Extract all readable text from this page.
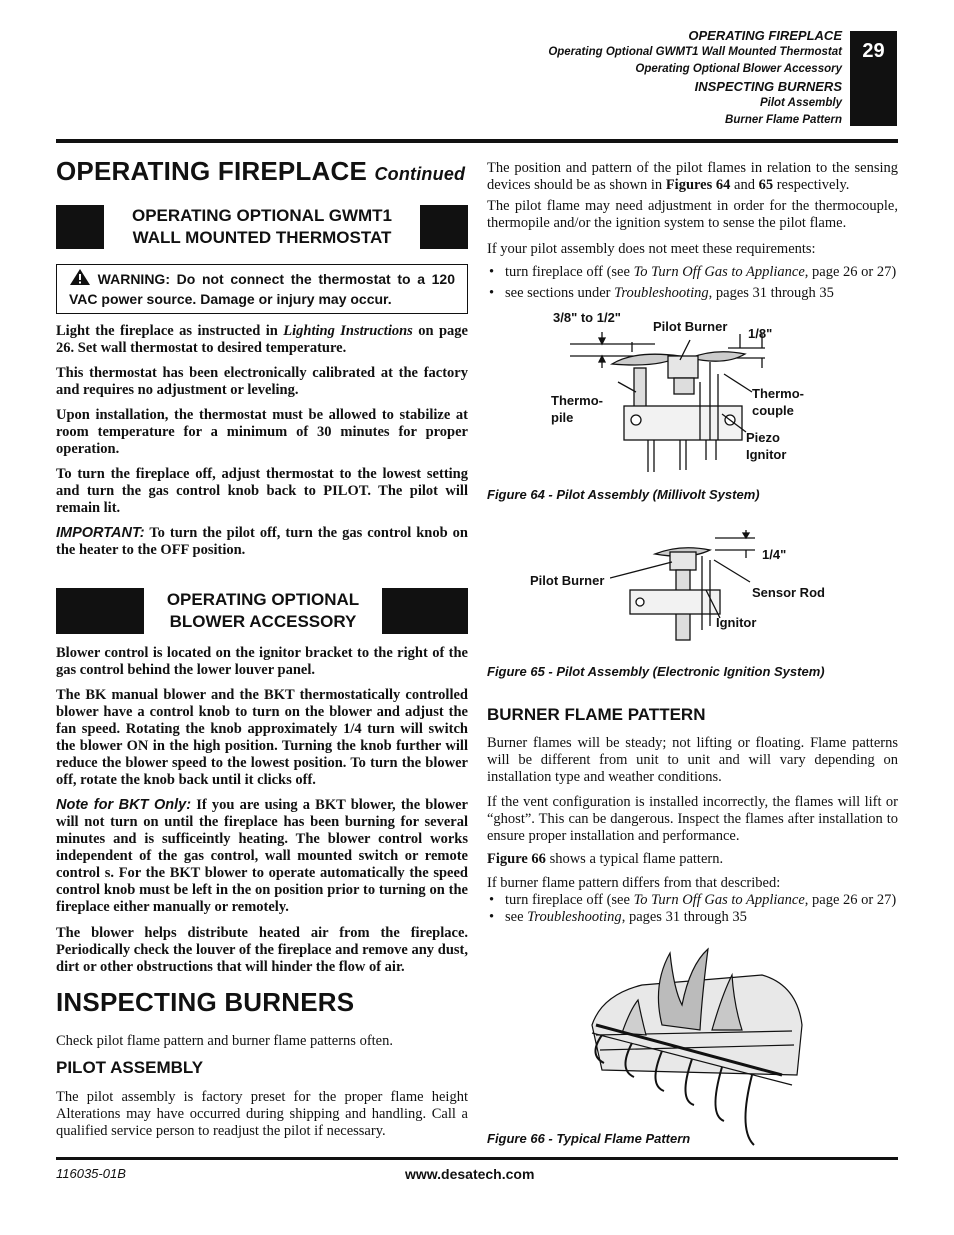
OPERATING FIREPLACE
Operating Optional GWMT1 Wall Mounted Thermostat
Operating Optional Blower Accessory
INSPECTING BURNERS
Pilot Assembly
Burner Flame Pattern
29
OPERATING FIREPLACE Continued
OPERATING OPTIONAL GWMT1
WALL MOUNTED THERMOSTAT
WARNING: Do not connect the thermostat to a 120 VAC power source. Damage or injury may occur.
Light the fireplace as instructed in Lighting Instructions on page 26. Set wall thermostat to desired temperature.
This thermostat has been electronically calibrated at the factory and requires no adjustment or leveling.
Upon installation, the thermostat must be allowed to stabilize at room temperature for a minimum of 30 minutes for proper operation.
To turn the fireplace off, adjust thermostat to the lowest setting and turn the gas control knob back to PILOT. The pilot will remain lit.
IMPORTANT: To turn the pilot off, turn the gas control knob on the heater to the OFF position.
OPERATING OPTIONAL
BLOWER ACCESSORY
Blower control is located on the ignitor bracket to the right of the gas control behind the lower louver panel.
The BK manual blower and the BKT thermostatically controlled blower have a control knob to turn on the blower and adjust the fan speed. Rotating the knob approximately 1/4 turn will switch the blower ON in the high position. Turning the knob further will reduce the blower speed to the lowest position. To turn the blower off, rotate the knob back until it clicks off.
Note for BKT Only: If you are using a BKT blower, the blower will not turn on until the fireplace has been burning for several minutes and is suffiсeintly heating. The blower control works independent of the gas control, wall mounted switch or remote control s. For the BKT blower to operate automatically the speed control knob must be left in the on position prior to turning on the fireplace either manually or remotely.
The blower helps distribute heated air from the fireplace. Periodically check the louver of the fireplace and remove any dust, dirt or other obstructions that will hinder the flow of air.
INSPECTING BURNERS
Check pilot flame pattern and burner flame patterns often.
PILOT ASSEMBLY
The pilot assembly is factory preset for the proper flame height Alterations may have occurred during shipping and handling. Call a qualified service person to readjust the pilot if necessary.
The position and pattern of the pilot flames in relation to the sensing devices should be as shown in Figures 64 and 65 respectively.
The pilot flame may need adjustment in order for the thermocouple, thermopile and/or the ignition system to sense the pilot flame.
If your pilot assembly does not meet these requirements:
• turn fireplace off (see To Turn Off Gas to Appliance, page 26 or 27)
• see sections under Troubleshooting, pages 31 through 35
3/8" to 1/2"
Pilot Burner 1/8"
Thermo-
pile
Thermo-
couple
Piezo
Ignitor
Figure 64 - Pilot Assembly (Millivolt System)
1/4"
Pilot Burner
Sensor Rod
Ignitor
Figure 65 - Pilot Assembly (Electronic Ignition System)
BURNER FLAME PATTERN
Burner flames will be steady; not lifting or floating. Flame patterns will be different from unit to unit and will vary depending on installation type and weather conditions.
If the vent configuration is installed incorrectly, the flames will lift or “ghost”. This can be dangerous. Inspect the flames after installation to ensure proper installation and performance.
Figure 66 shows a typical flame pattern.
If burner flame pattern differs from that described:
• turn fireplace off (see To Turn Off Gas to Appliance, page 26 or 27)
• see Troubleshooting, pages 31 through 35
Figure 66 - Typical Flame Pattern
116035-01B	www.desatech.com
